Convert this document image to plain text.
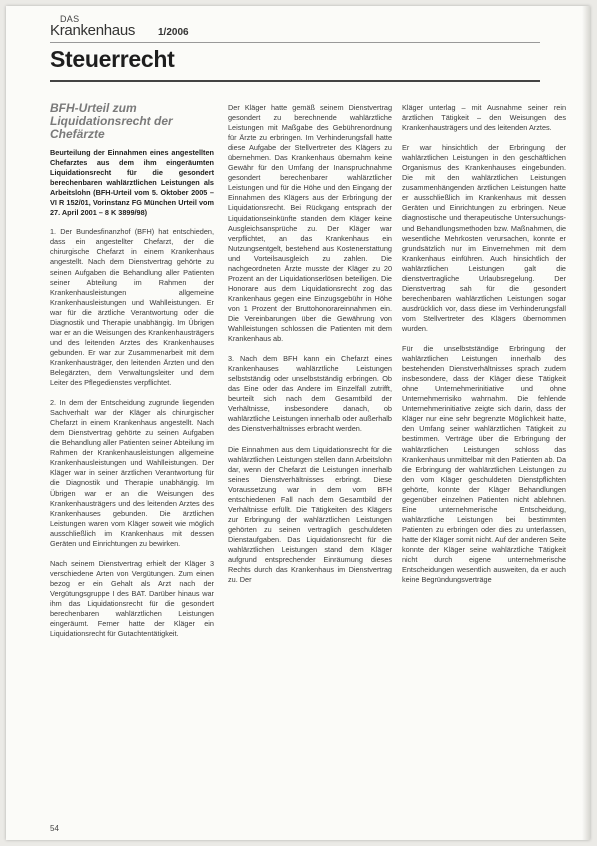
DAS
Krankenhaus 1/2006
Steuerrecht
BFH-Urteil zum Liquidationsrecht der Chefärzte

Beurteilung der Einnahmen eines angestellten Chefarztes aus dem ihm eingeräumten Liquidationsrecht für die gesondert berechenbaren wahlärztlichen Leistungen als Arbeitslohn (BFH-Urteil vom 5. Oktober 2005 – VI R 152/01, Vorinstanz FG München Urteil vom 27. April 2001 – 8 K 3899/98)

1. Der Bundesfinanzhof (BFH) hat entschieden, dass ein angestellter Chefarzt, der die chirurgische Chefarzt in einem Krankenhaus angestellt. Nach dem Dienstvertrag gehörte zu seinen Aufgaben die Behandlung aller Patienten seiner Abteilung im Rahmen der Krankenhausleistungen allgemeine Krankenhausleistungen und Wahlleistungen. Er war für die ärztliche Verantwortung oder die Diagnostik und Therapie unabhängig. Im Übrigen war er an die Weisungen des Krankenhausträgers und des leitenden Arztes des Krankenhauses gebunden. Er war zur Zusammenarbeit mit dem Krankenhausträger, den leitenden Ärzten und den Belegärzten, dem Verwaltungsleiter und dem Leiter des Pflegedienstes verpflichtet.

2. In dem der Entscheidung zugrunde liegenden Sachverhalt war der Kläger als chirurgischer Chefarzt in einem Krankenhaus angestellt. Nach dem Dienstvertrag gehörte zu seinen Aufgaben die Behandlung aller Patienten seiner Abteilung im Rahmen der Krankenhausleistungen allgemeine Krankenhausleistungen und Wahlleistungen. Der Kläger war in seiner ärztlichen Verantwortung für die Diagnostik und Therapie unabhängig. Im Übrigen war er an die Weisungen des Krankenhausträgers und des leitenden Arztes des Krankenhauses gebunden. Die ärztlichen Leistungen waren vom Kläger soweit wie möglich ausschließlich im Krankenhaus mit dessen Geräten und Einrichtungen zu bewirken.

Nach seinem Dienstvertrag erhielt der Kläger 3 verschiedene Arten von Vergütungen. Zum einen bezog er ein Gehalt als Arzt nach der Vergütungsgruppe I des BAT. Darüber hinaus war ihm das Liquidationsrecht für die gesondert berechenbaren wahlärztlichen Leistungen eingeräumt. Ferner hatte der Kläger ein Liquidationsrecht für Gutachtentätigkeit.

Der Kläger hatte gemäß seinem Dienstvertrag gesondert zu berechnende wahlärztliche Leistungen mit Maßgabe des Gebührenordnung für Ärzte zu erbringen. Im Verhinderungsfall hatte diese Aufgabe der Stellvertreter des Klägers zu übernehmen. Das Krankenhaus übernahm keine Gewähr für den Umfang der Inanspruchnahme gesondert berechenbarer wahlärztlicher Leistungen und für die Höhe und den Eingang der Einnahmen des Klägers aus der Erbringung der Liquidationsrecht. Bei Rückgang entsprach der Liquidationseinkünfte standen dem Kläger keine Ausgleichsansprüche zu. Der Kläger war verpflichtet, an das Krankenhaus ein Nutzungsentgelt, bestehend aus Kostenerstattung und Vorteilsausgleich zu zahlen. Die nachgeordneten Ärzte musste der Kläger zu 20 Prozent an der Liquidationserlösen beteiligen. Die Honorare aus dem Liquidationsrecht zog das Krankenhaus gegen eine Einzugsgebühr in Höhe von 1 Prozent der Bruttohonorareinnahmen ein. Die Vereinbarungen über die Gewährung von Wahlleistungen schlossen die Patienten mit dem Krankenhaus ab.

3. Nach dem BFH kann ein Chefarzt eines Krankenhauses wahlärztliche Leistungen selbstständig oder unselbstständig erbringen. Ob das Eine oder das Andere im Einzelfall zutrifft, beurteilt sich nach dem Gesamtbild der Verhältnisse, insbesondere danach, ob wahlärztliche Leistungen innerhalb oder außerhalb des Dienstverhältnisses erbracht werden.

Die Einnahmen aus dem Liquidationsrecht für die wahlärztlichen Leistungen stellen dann Arbeitslohn dar, wenn der Chefarzt die Leistungen innerhalb seines Dienstverhältnisses erbringt. Diese Voraussetzung war in dem vom BFH entschiedenen Fall nach dem Gesamtbild der Verhältnisse erfüllt. Die Tätigkeiten des Klägers zur Erbringung der wahlärztlichen Leistungen gehörten zu seinen vertraglich geschuldeten Dienstaufgaben. Das Liquidationsrecht für die wahlärztlichen Leistungen stand dem Kläger aufgrund entsprechender Einräumung dieses Rechts durch das Krankenhaus im Dienstvertrag zu. Der

Kläger unterlag – mit Ausnahme seiner rein ärztlichen Tätigkeit – den Weisungen des Krankenhausträgers und des leitenden Arztes.

Er war hinsichtlich der Erbringung der wahlärztlichen Leistungen in den geschäftlichen Organismus des Krankenhauses eingebunden. Die mit den wahlärztlichen Leistungen zusammenhängenden ärztlichen Leistungen hatte er ausschließlich im Krankenhaus mit dessen Geräten und Einrichtungen zu erbringen. Neue diagnostische und therapeutische Untersuchungs- und Behandlungsmethoden bzw. Maßnahmen, die wesentliche Mehrkosten verursachen, konnte er grundsätzlich nur im Einvernehmen mit dem Krankenhaus einführen. Auch hinsichtlich der wahlärztlichen Leistungen galt die dienstvertragliche Urlaubsregelung. Der Dienstvertrag sah für die gesondert berechenbaren wahlärztlichen Leistungen sogar ausdrücklich vor, dass diese im Verhinderungsfall vom Stellvertreter des Klägers übernommen wurden.

Für die unselbstständige Erbringung der wahlärztlichen Leistungen innerhalb des bestehenden Dienstverhältnisses sprach zudem insbesondere, dass der Kläger diese Tätigkeit ohne Unternehmerinitiative und ohne Unternehmerrisiko wahrnahm. Die fehlende Unternehmerinitiative zeigte sich darin, dass der Kläger nur eine sehr begrenzte Möglichkeit hatte, den Umfang seiner wahlärztlichen Tätigkeit zu bestimmen. Verträge über die Erbringung der wahlärztlichen Leistungen schloss das Krankenhaus unmittelbar mit den Patienten ab. Da die Erbringung der wahlärztlichen Leistungen zu den vom Kläger geschuldeten Dienstpflichten gehörte, konnte der Kläger Behandlungen gegenüber einzelnen Patienten nicht ablehnen. Eine unternehmerische Entscheidung, wahlärztliche Leistungen bei bestimmten Patienten zu erbringen oder dies zu unterlassen, hatte der Kläger somit nicht. Auf der anderen Seite konnte der Kläger seine wahlärztliche Tätigkeit nicht durch eigene unternehmerische Entscheidungen wesentlich ausweiten, da er auch keine Begründungsverträge

54
